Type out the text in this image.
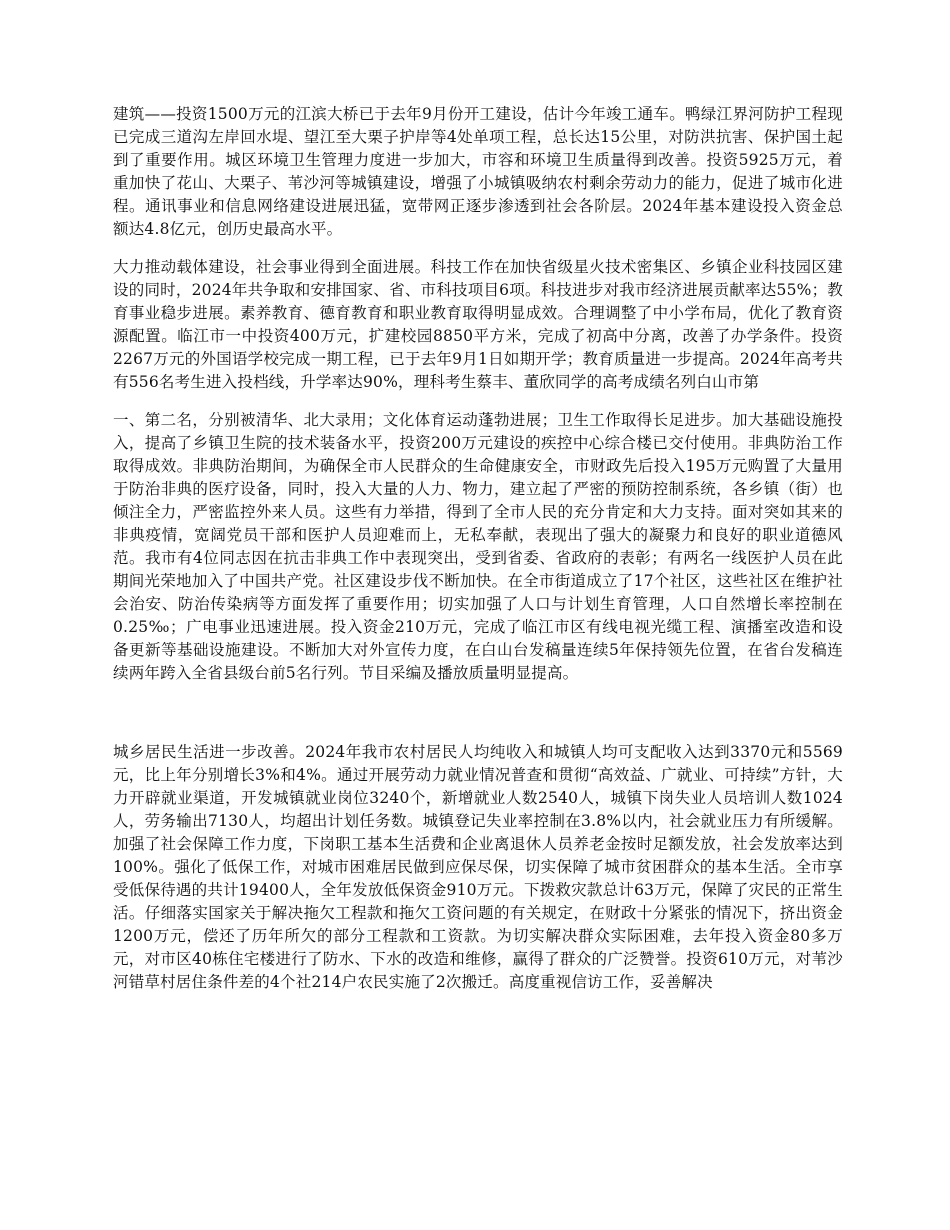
建筑——投资1500万元的江滨大桥已于去年9月份开工建设，估计今年竣工通车。鸭绿江界河防护工程现已完成三道沟左岸回水堤、望江至大栗子护岸等4处单项工程，总长达15公里，对防洪抗害、保护国土起到了重要作用。城区环境卫生管理力度进一步加大，市容和环境卫生质量得到改善。投资5925万元，着重加快了花山、大栗子、苇沙河等城镇建设，增强了小城镇吸纳农村剩余劳动力的能力，促进了城市化进程。通讯事业和信息网络建设进展迅猛，宽带网正逐步渗透到社会各阶层。2024年基本建设投入资金总额达4.8亿元，创历史最高水平。

大力推动载体建设，社会事业得到全面进展。科技工作在加快省级星火技术密集区、乡镇企业科技园区建设的同时，2024年共争取和安排国家、省、市科技项目6项。科技进步对我市经济进展贡献率达55%；教育事业稳步进展。素养教育、德育教育和职业教育取得明显成效。合理调整了中小学布局，优化了教育资源配置。临江市一中投资400万元，扩建校园8850平方米，完成了初高中分离，改善了办学条件。投资2267万元的外国语学校完成一期工程，已于去年9月1日如期开学；教育质量进一步提高。2024年高考共有556名考生进入投档线，升学率达90%，理科考生蔡丰、董欣同学的高考成绩名列白山市第

一、第二名，分别被清华、北大录用；文化体育运动蓬勃进展；卫生工作取得长足进步。加大基础设施投入，提高了乡镇卫生院的技术装备水平，投资200万元建设的疾控中心综合楼已交付使用。非典防治工作取得成效。非典防治期间，为确保全市人民群众的生命健康安全，市财政先后投入195万元购置了大量用于防治非典的医疗设备，同时，投入大量的人力、物力，建立起了严密的预防控制系统，各乡镇（街）也倾注全力，严密监控外来人员。这些有力举措，得到了全市人民的充分肯定和大力支持。面对突如其来的非典疫情，宽阔党员干部和医护人员迎难而上，无私奉献，表现出了强大的凝聚力和良好的职业道德风范。我市有4位同志因在抗击非典工作中表现突出，受到省委、省政府的表彰；有两名一线医护人员在此期间光荣地加入了中国共产党。社区建设步伐不断加快。在全市街道成立了17个社区，这些社区在维护社会治安、防治传染病等方面发挥了重要作用；切实加强了人口与计划生育管理，人口自然增长率控制在0.25‰；广电事业迅速进展。投入资金210万元，完成了临江市区有线电视光缆工程、演播室改造和设备更新等基础设施建设。不断加大对外宣传力度，在白山台发稿量连续5年保持领先位置，在省台发稿连续两年跨入全省县级台前5名行列。节目采编及播放质量明显提高。

城乡居民生活进一步改善。2024年我市农村居民人均纯收入和城镇人均可支配收入达到3370元和5569元，比上年分别增长3%和4%。通过开展劳动力就业情况普查和贯彻“高效益、广就业、可持续”方针，大力开辟就业渠道，开发城镇就业岗位3240个，新增就业人数2540人，城镇下岗失业人员培训人数1024人，劳务输出7130人，均超出计划任务数。城镇登记失业率控制在3.8%以内，社会就业压力有所缓解。加强了社会保障工作力度，下岗职工基本生活费和企业离退休人员养老金按时足额发放，社会发放率达到100%。强化了低保工作，对城市困难居民做到应保尽保，切实保障了城市贫困群众的基本生活。全市享受低保待遇的共计19400人，全年发放低保资金910万元。下拨救灾款总计63万元，保障了灾民的正常生活。仔细落实国家关于解决拖欠工程款和拖欠工资问题的有关规定，在财政十分紧张的情况下，挤出资金1200万元，偿还了历年所欠的部分工程款和工资款。为切实解决群众实际困难，去年投入资金80多万元，对市区40栋住宅楼进行了防水、下水的改造和维修，赢得了群众的广泛赞誉。投资610万元，对苇沙河错草村居住条件差的4个社214户农民实施了2次搬迁。高度重视信访工作，妥善解决
